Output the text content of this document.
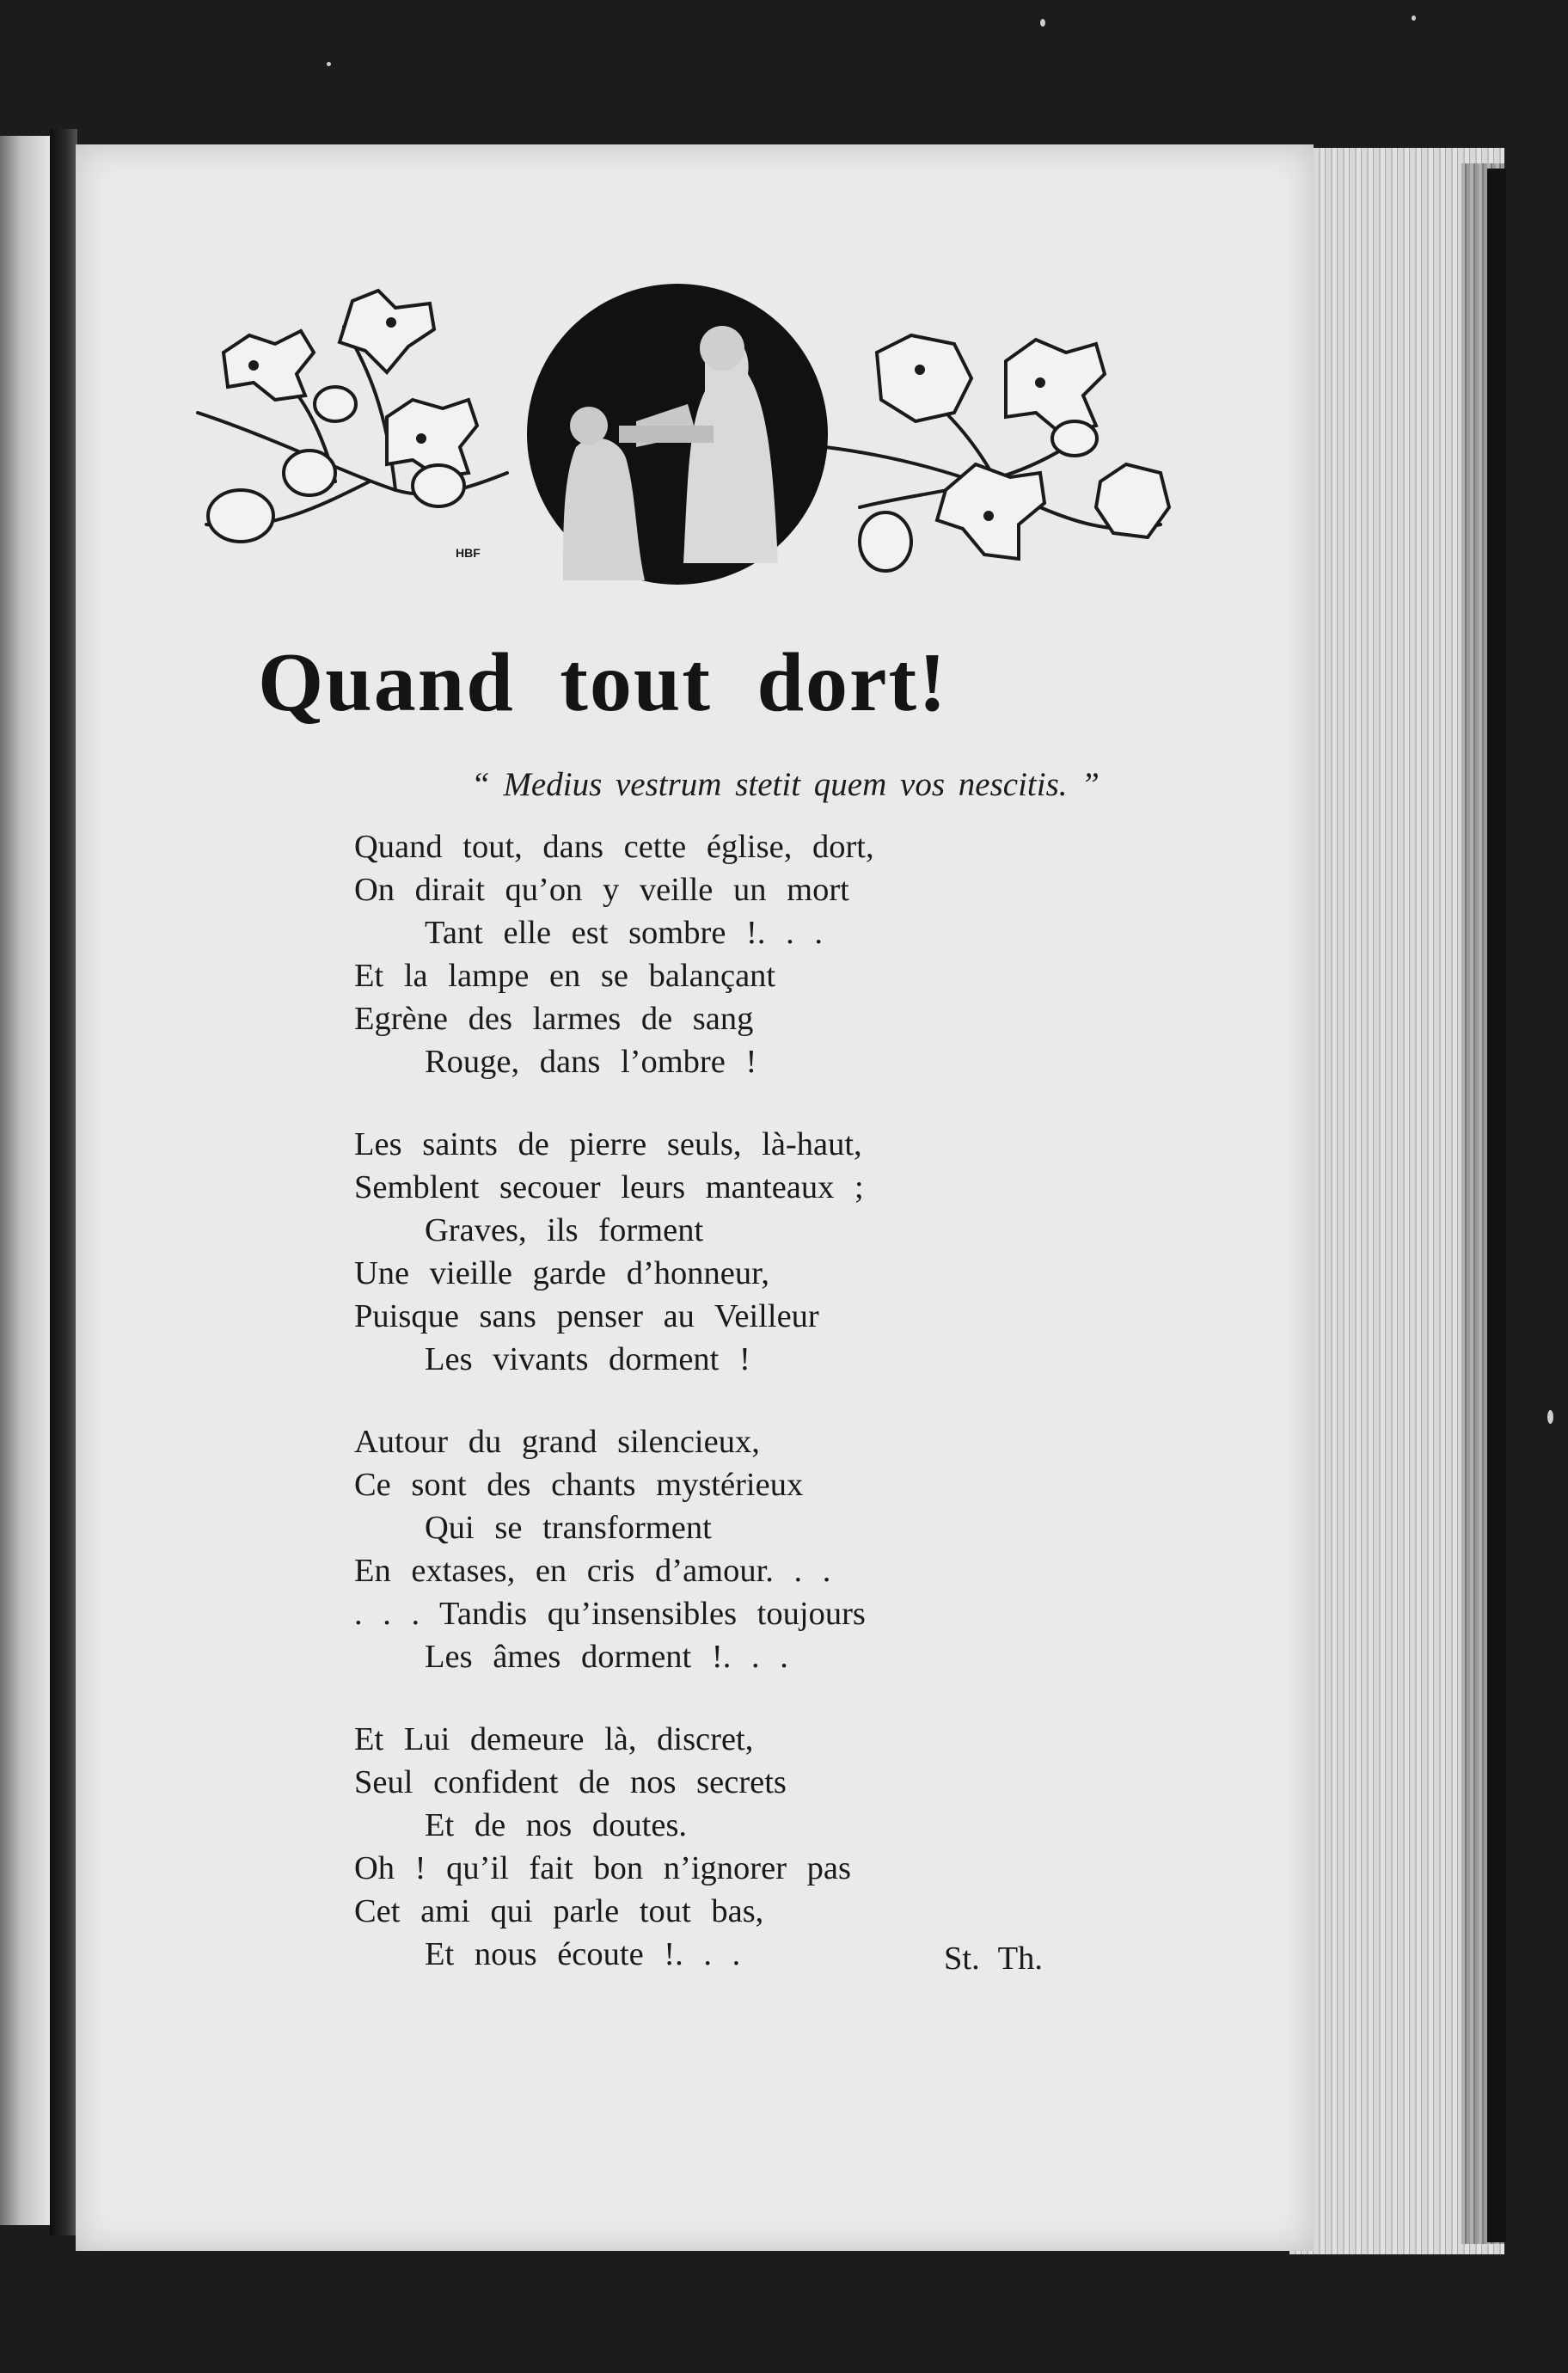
HBF
Quand tout dort!
“ Medius vestrum stetit quem vos nescitis. ”
Quand tout, dans cette église, dort,
On dirait qu’on y veille un mort
Tant elle est sombre !. . .
Et la lampe en se balançant
Egrène des larmes de sang
Rouge, dans l’ombre !
Les saints de pierre seuls, là-haut,
Semblent secouer leurs manteaux ;
Graves, ils forment
Une vieille garde d’honneur,
Puisque sans penser au Veilleur
Les vivants dorment !
Autour du grand silencieux,
Ce sont des chants mystérieux
Qui se transforment
En extases, en cris d’amour. . .
. . . Tandis qu’insensibles toujours
Les âmes dorment !. . .
Et Lui demeure là, discret,
Seul confident de nos secrets
Et de nos doutes.
Oh ! qu’il fait bon n’ignorer pas
Cet ami qui parle tout bas,
Et nous écoute !. . .	St. Th.
